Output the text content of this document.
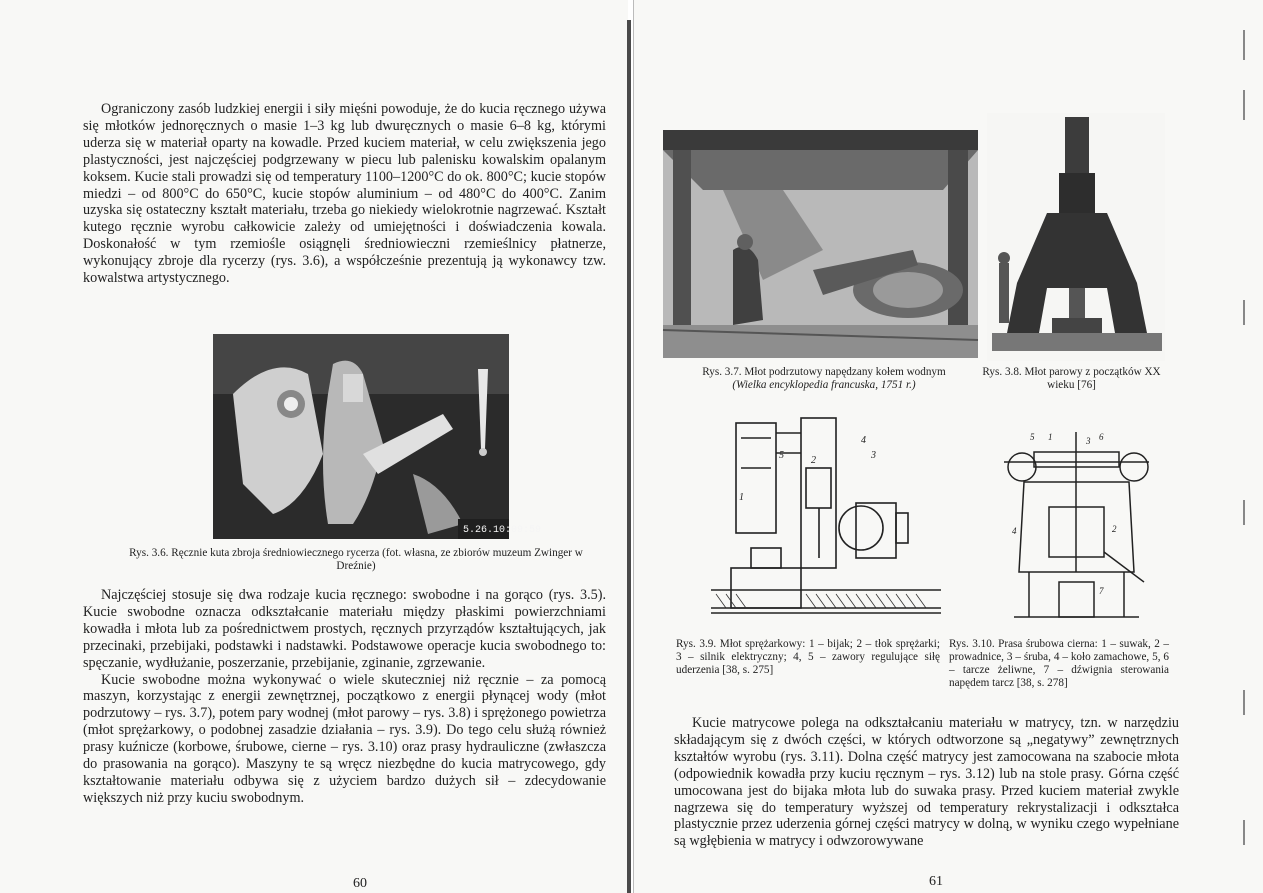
Ograniczony zasób ludzkiej energii i siły mięśni powoduje, że do kucia ręcznego używa się młotków jednoręcznych o masie 1–3 kg lub dwuręcznych o masie 6–8 kg, którymi uderza się w materiał oparty na kowadle. Przed kuciem materiał, w celu zwiększenia jego plastyczności, jest najczęściej podgrzewany w piecu lub palenisku kowalskim opalanym koksem. Kucie stali prowadzi się od temperatury 1100–1200°C do ok. 800°C; kucie stopów miedzi – od 800°C do 650°C, kucie stopów aluminium – od 480°C do 400°C. Zanim uzyska się ostateczny kształt materiału, trzeba go niekiedy wielokrotnie nagrzewać. Kształt kutego ręcznie wyrobu całkowicie zależy od umiejętności i doświadczenia kowala. Doskonałość w tym rzemiośle osiągnęli średniowieczni rzemieślnicy płatnerze, wykonujący zbroje dla rycerzy (rys. 3.6), a współcześnie prezentują ją wykonawcy tzw. kowalstwa artystycznego.

5.26.10:09:59
Rys. 3.6. Ręcznie kuta zbroja średniowiecznego rycerza (fot. własna, ze zbiorów muzeum Zwinger w Dreźnie)

Najczęściej stosuje się dwa rodzaje kucia ręcznego: swobodne i na gorąco (rys. 3.5). Kucie swobodne oznacza odkształcanie materiału między płaskimi powierzchniami kowadła i młota lub za pośrednictwem prostych, ręcznych przyrządów kształtujących, jak przecinaki, przebijaki, podstawki i nadstawki. Podstawowe operacje kucia swobodnego to: spęczanie, wydłużanie, poszerzanie, przebijanie, zginanie, zgrzewanie.

Kucie swobodne można wykonywać o wiele skuteczniej niż ręcznie – za pomocą maszyn, korzystając z energii zewnętrznej, początkowo z energii płynącej wody (młot podrzutowy – rys. 3.7), potem pary wodnej (młot parowy – rys. 3.8) i sprężonego powietrza (młot sprężarkowy, o podobnej zasadzie działania – rys. 3.9). Do tego celu służą również prasy kuźnicze (korbowe, śrubowe, cierne – rys. 3.10) oraz prasy hydrauliczne (zwłaszcza do prasowania na gorąco). Maszyny te są wręcz niezbędne do kucia matrycowego, gdy kształtowanie materiału odbywa się z użyciem bardzo dużych sił – zdecydowanie większych niż przy kuciu swobodnym.

60
Rys. 3.7. Młot podrzutowy napędzany kołem wodnym
(Wielka encyklopedia francuska, 1751 r.)
Rys. 3.8. Młot parowy z początków XX wieku [76]
1
2	3
4
5
1
2
3
4
5	6
7
Rys. 3.9. Młot sprężarkowy: 1 – bijak; 2 – tłok sprężarki; 3 – silnik elektryczny; 4, 5 – zawory regulujące siłę uderzenia [38, s. 275]
Rys. 3.10. Prasa śrubowa cierna: 1 – suwak, 2 – prowadnice, 3 – śruba, 4 – koło zamachowe, 5, 6 – tarcze żeliwne, 7 – dźwignia sterowania napędem tarcz [38, s. 278]

Kucie matrycowe polega na odkształcaniu materiału w matrycy, tzn. w narzędziu składającym się z dwóch części, w których odtworzone są „negatywy” zewnętrznych kształtów wyrobu (rys. 3.11). Dolna część matrycy jest zamocowana na szabocie młota (odpowiednik kowadła przy kuciu ręcznym – rys. 3.12) lub na stole prasy. Górna część umocowana jest do bijaka młota lub do suwaka prasy. Przed kuciem materiał zwykle nagrzewa się do temperatury wyższej od temperatury rekrystalizacji i odkształca plastycznie przez uderzenia górnej części matrycy w dolną, w wyniku czego wypełniane są wgłębienia w matrycy i odwzorowywane

61
